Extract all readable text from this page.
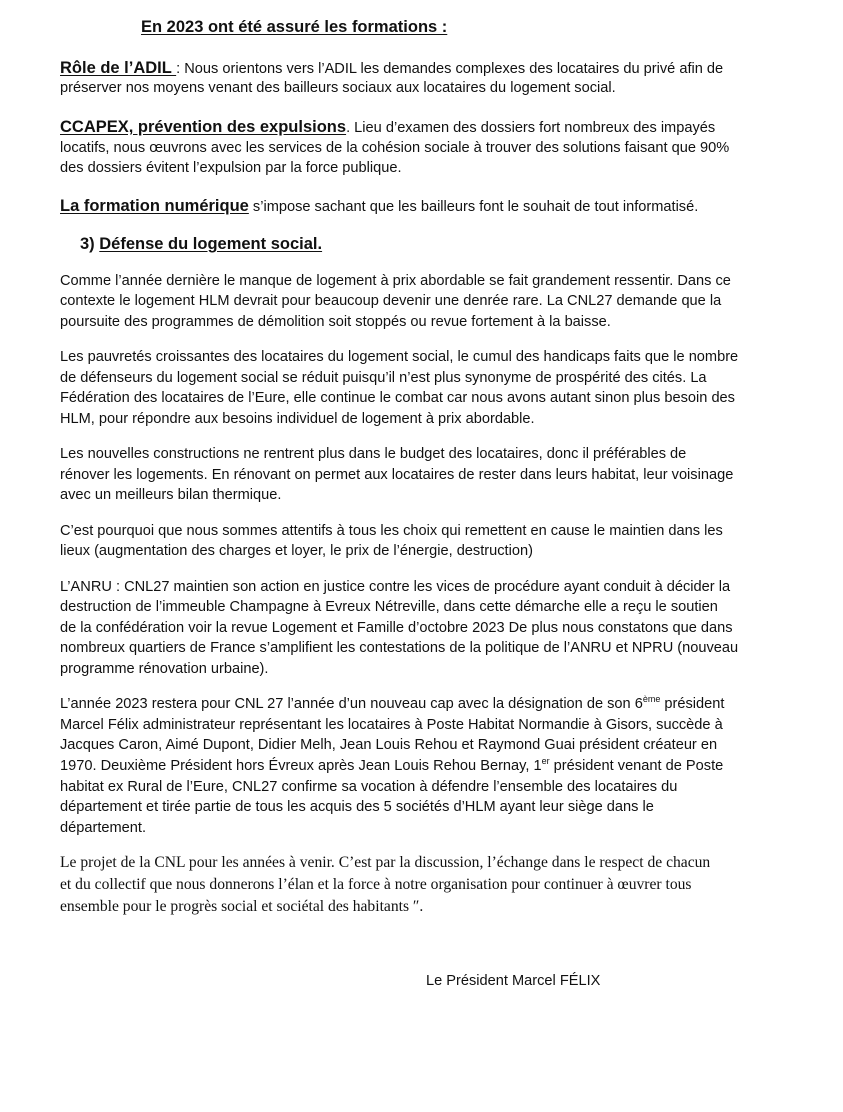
En 2023 ont été assuré les formations :
Rôle de l’ADIL : Nous orientons vers l’ADIL les demandes complexes des locataires du privé afin de
préserver nos moyens venant des bailleurs sociaux aux locataires du logement social.
CCAPEX, prévention des expulsions. Lieu d’examen des dossiers fort nombreux des impayés
locatifs, nous œuvrons avec les services de la cohésion sociale à trouver des solutions faisant que 90%
des dossiers évitent l’expulsion par la force publique.
La formation numérique s’impose sachant que les bailleurs font le souhait de tout informatisé.
3) Défense du logement social.
Comme l’année dernière le manque de logement à prix abordable se fait grandement ressentir. Dans ce
contexte le logement HLM devrait pour beaucoup devenir une denrée rare. La CNL27 demande que la
poursuite des programmes de démolition soit stoppés ou revue fortement à la baisse.
Les pauvretés croissantes des locataires du logement social, le cumul des handicaps faits que le nombre
de défenseurs du logement social se réduit puisqu’il n’est plus synonyme de prospérité des cités. La
Fédération des locataires de l’Eure, elle continue le combat car nous avons autant sinon plus besoin des
HLM, pour répondre aux besoins individuel de logement à prix abordable.
Les nouvelles constructions ne rentrent plus dans le budget des locataires, donc il préférables de
rénover les logements. En rénovant on permet aux locataires de rester dans leurs habitat, leur voisinage
avec un meilleurs bilan thermique.
C’est pourquoi que nous sommes attentifs à tous les choix qui remettent en cause le maintien dans les
lieux (augmentation des charges et loyer, le prix de l’énergie, destruction)
L’ANRU : CNL27 maintien son action en justice contre les vices de procédure ayant conduit à décider la
destruction de l’immeuble Champagne à Evreux Nétreville, dans cette démarche elle a reçu le soutien
de la confédération voir la revue Logement et Famille d’octobre 2023 De plus nous constatons que dans
nombreux quartiers de France s’amplifient les contestations de la politique de l’ANRU et NPRU (nouveau
programme rénovation urbaine).
L’année 2023 restera pour CNL 27 l’année d’un nouveau cap avec la désignation de son 6ème président
Marcel Félix administrateur représentant les locataires à Poste Habitat Normandie à Gisors, succède à
Jacques Caron, Aimé Dupont, Didier Melh, Jean Louis Rehou et Raymond Guai président créateur en
1970. Deuxième Président hors Évreux après Jean Louis Rehou Bernay, 1er président venant de Poste
habitat ex Rural de l’Eure, CNL27 confirme sa vocation à défendre l’ensemble des locataires du
département et tirée partie de tous les acquis des 5 sociétés d’HLM ayant leur siège dans le
département.
Le projet de la CNL pour les années à venir. C’est par la discussion, l’échange dans le respect de chacun
et du collectif que nous donnerons l’élan et la force à notre organisation pour continuer à œuvrer tous
ensemble pour le progrès social et sociétal des habitants ″.
Le Président Marcel FÉLIX
